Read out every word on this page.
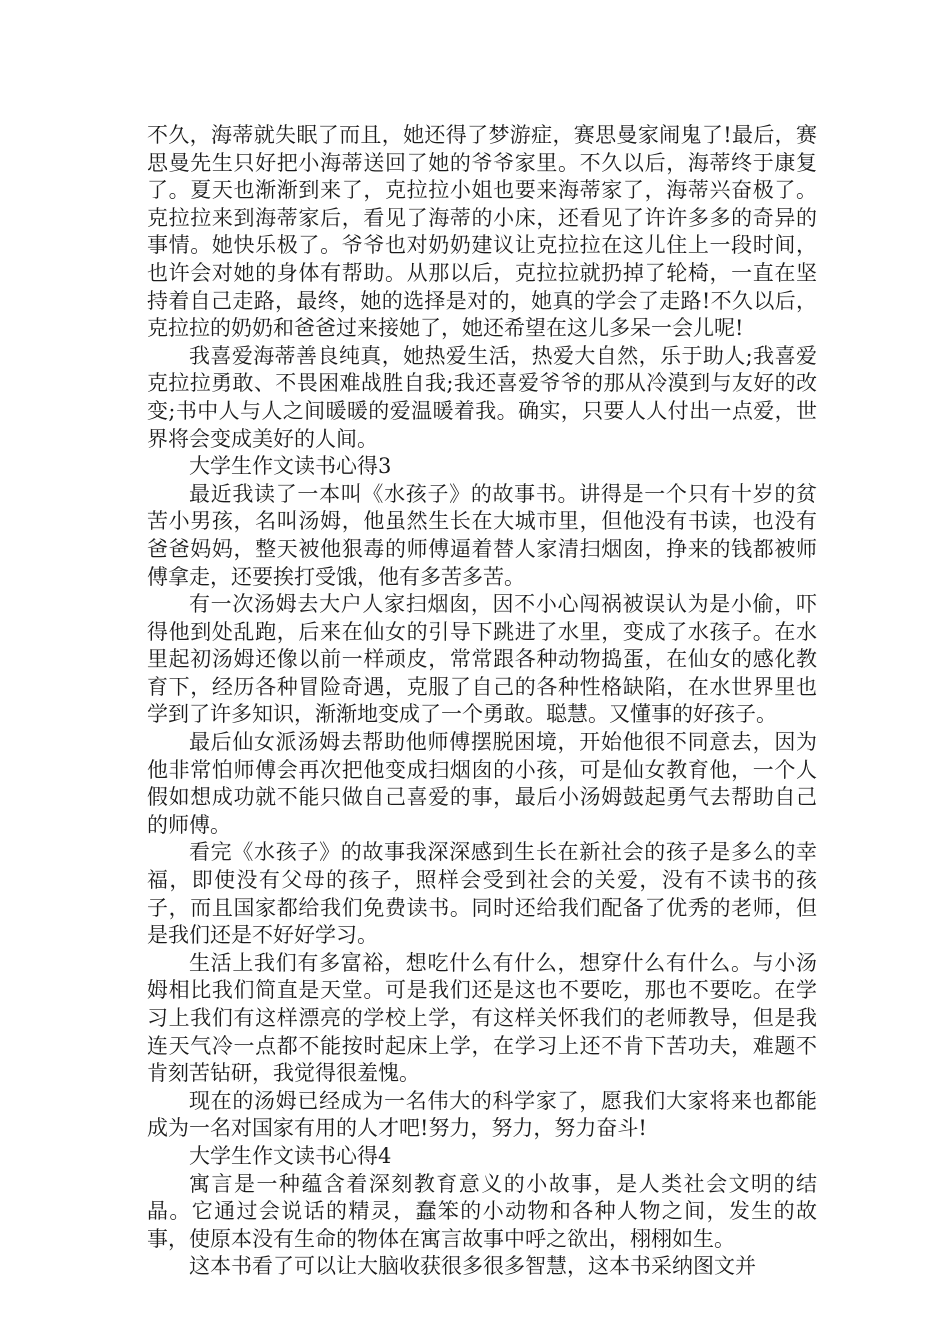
不久，海蒂就失眠了而且，她还得了梦游症，赛思曼家闹鬼了!最后，赛思曼先生只好把小海蒂送回了她的爷爷家里。不久以后，海蒂终于康复了。夏天也渐渐到来了，克拉拉小姐也要来海蒂家了，海蒂兴奋极了。克拉拉来到海蒂家后，看见了海蒂的小床，还看见了许许多多的奇异的事情。她快乐极了。爷爷也对奶奶建议让克拉拉在这儿住上一段时间，也许会对她的身体有帮助。从那以后，克拉拉就扔掉了轮椅，一直在坚持着自己走路，最终，她的选择是对的，她真的学会了走路!不久以后，克拉拉的奶奶和爸爸过来接她了，她还希望在这儿多呆一会儿呢!

我喜爱海蒂善良纯真，她热爱生活，热爱大自然，乐于助人;我喜爱克拉拉勇敢、不畏困难战胜自我;我还喜爱爷爷的那从冷漠到与友好的改变;书中人与人之间暖暖的爱温暖着我。确实，只要人人付出一点爱，世界将会变成美好的人间。

大学生作文读书心得3

最近我读了一本叫《水孩子》的故事书。讲得是一个只有十岁的贫苦小男孩，名叫汤姆，他虽然生长在大城市里，但他没有书读，也没有爸爸妈妈，整天被他狠毒的师傅逼着替人家清扫烟囱，挣来的钱都被师傅拿走，还要挨打受饿，他有多苦多苦。

有一次汤姆去大户人家扫烟囱，因不小心闯祸被误认为是小偷，吓得他到处乱跑，后来在仙女的引导下跳进了水里，变成了水孩子。在水里起初汤姆还像以前一样顽皮，常常跟各种动物捣蛋，在仙女的感化教育下，经历各种冒险奇遇，克服了自己的各种性格缺陷，在水世界里也学到了许多知识，渐渐地变成了一个勇敢。聪慧。又懂事的好孩子。

最后仙女派汤姆去帮助他师傅摆脱困境，开始他很不同意去，因为他非常怕师傅会再次把他变成扫烟囱的小孩，可是仙女教育他，一个人假如想成功就不能只做自己喜爱的事，最后小汤姆鼓起勇气去帮助自己的师傅。

看完《水孩子》的故事我深深感到生长在新社会的孩子是多么的幸福，即使没有父母的孩子，照样会受到社会的关爱，没有不读书的孩子，而且国家都给我们免费读书。同时还给我们配备了优秀的老师，但是我们还是不好好学习。

生活上我们有多富裕，想吃什么有什么，想穿什么有什么。与小汤姆相比我们简直是天堂。可是我们还是这也不要吃，那也不要吃。在学习上我们有这样漂亮的学校上学，有这样关怀我们的老师教导，但是我连天气冷一点都不能按时起床上学，在学习上还不肯下苦功夫，难题不肯刻苦钻研，我觉得很羞愧。

现在的汤姆已经成为一名伟大的科学家了，愿我们大家将来也都能成为一名对国家有用的人才吧!努力，努力，努力奋斗!

大学生作文读书心得4

寓言是一种蕴含着深刻教育意义的小故事，是人类社会文明的结晶。它通过会说话的精灵，蠢笨的小动物和各种人物之间，发生的故事，使原本没有生命的物体在寓言故事中呼之欲出，栩栩如生。

这本书看了可以让大脑收获很多很多智慧，这本书采纳图文并
